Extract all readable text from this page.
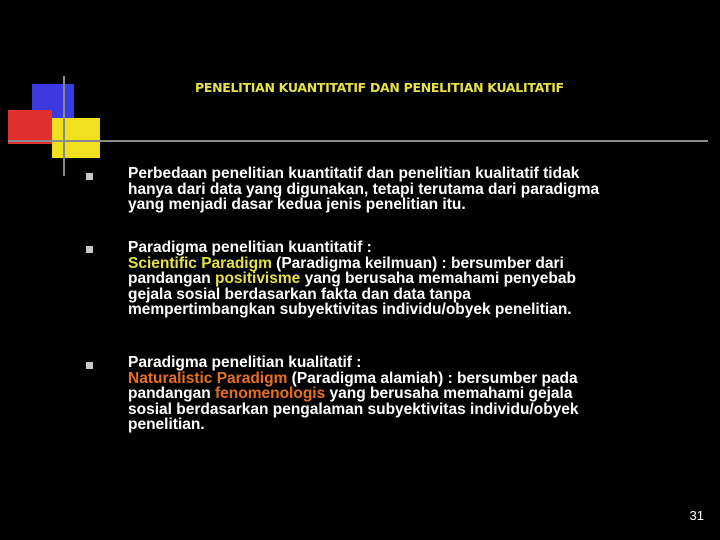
PENELITIAN KUANTITATIF DAN PENELITIAN KUALITATIF
Perbedaan penelitian kuantitatif dan penelitian kualitatif tidak
hanya dari data yang digunakan, tetapi terutama dari paradigma
yang menjadi dasar kedua jenis penelitian itu.
Paradigma penelitian kuantitatif :
Scientific Paradigm (Paradigma keilmuan) : bersumber dari
pandangan positivisme yang berusaha memahami penyebab
gejala sosial berdasarkan fakta dan data tanpa
mempertimbangkan subyektivitas individu/obyek penelitian.
Paradigma penelitian kualitatif :
Naturalistic Paradigm (Paradigma alamiah) : bersumber pada
pandangan fenomenologis yang berusaha memahami gejala
sosial berdasarkan pengalaman subyektivitas individu/obyek
penelitian.
31
